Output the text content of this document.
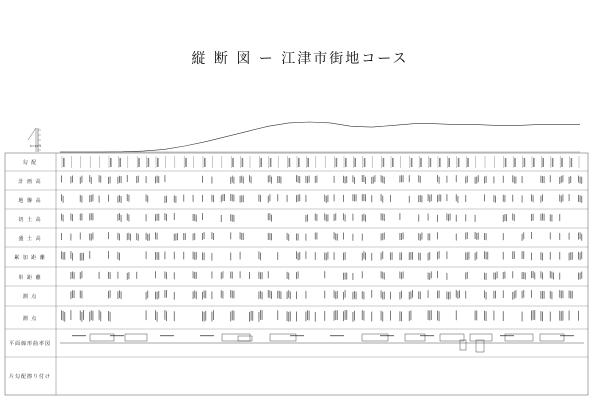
縦 断 図 ー 江津市街地コース
K=40.5
勾 配
計 画 高
地 盤 高
切 土 高
盛 土 高
累 加 距 離
単 距 離
測 点
測 点
平面線形曲率図
片勾配擦り付け
